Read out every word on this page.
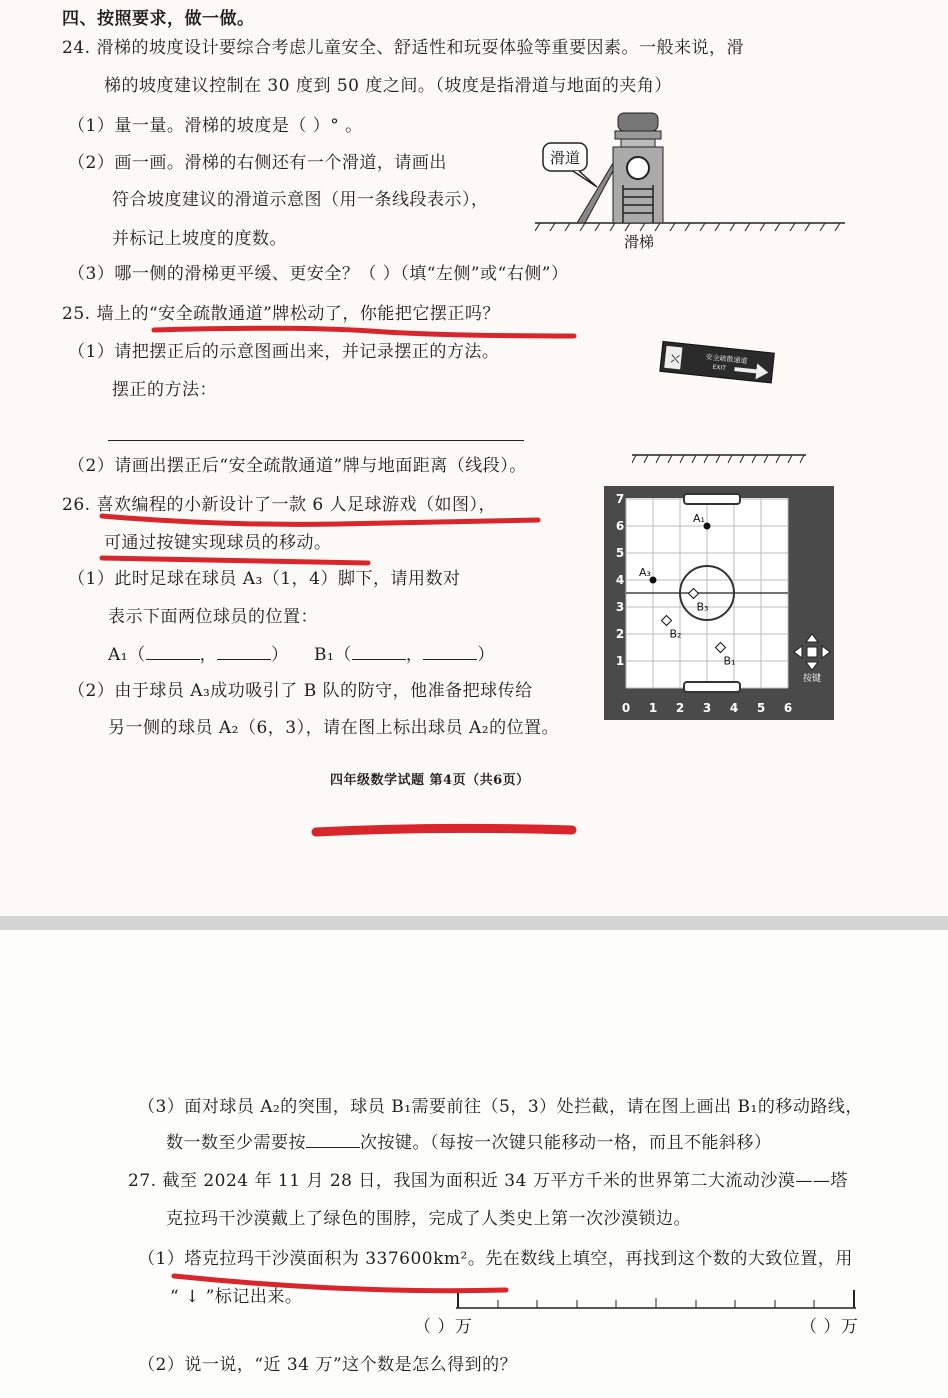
四、按照要求，做一做。
24. 滑梯的坡度设计要综合考虑儿童安全、舒适性和玩耍体验等重要因素。一般来说，滑
梯的坡度建议控制在 30 度到 50 度之间。（坡度是指滑道与地面的夹角）
（1）量一量。滑梯的坡度是（ ）° 。
（2）画一画。滑梯的右侧还有一个滑道，请画出
符合坡度建议的滑道示意图（用一条线段表示），
并标记上坡度的度数。
（3）哪一侧的滑梯更平缓、更安全？（ ）（填“左侧”或“右侧”）
滑道
滑梯
25. 墙上的“安全疏散通道”牌松动了，你能把它摆正吗？
（1）请把摆正后的示意图画出来，并记录摆正的方法。
摆正的方法：
（2）请画出摆正后“安全疏散通道”牌与地面距离（线段）。
⛌	安全疏散通道
EXIT
26. 喜欢编程的小新设计了一款 6 人足球游戏（如图），
可通过按键实现球员的移动。
（1）此时足球在球员 A₃（1，4）脚下，请用数对
表示下面两位球员的位置：
A₁（	，	） B₁（	，	）
（2）由于球员 A₃成功吸引了 B 队的防守，他准备把球传给
另一侧的球员 A₂（6，3），请在图上标出球员 A₂的位置。
0 1 2 3 4 5 6
1
2
3
4
5
6
7
A₁
A₃
B₃
B₂
B₁
按键
四年级数学试题 第4页（共6页）
（3）面对球员 A₂的突围，球员 B₁需要前往（5，3）处拦截，请在图上画出 B₁的移动路线，
数一数至少需要按	次按键。（每按一次键只能移动一格，而且不能斜移）
27. 截至 2024 年 11 月 28 日，我国为面积近 34 万平方千米的世界第二大流动沙漠——塔
克拉玛干沙漠戴上了绿色的围脖，完成了人类史上第一次沙漠锁边。
（1）塔克拉玛干沙漠面积为 337600km²。先在数线上填空，再找到这个数的大致位置，用
“ ↓ ”标记出来。
（ ）万	（ ）万
（2）说一说，“近 34 万”这个数是怎么得到的？
